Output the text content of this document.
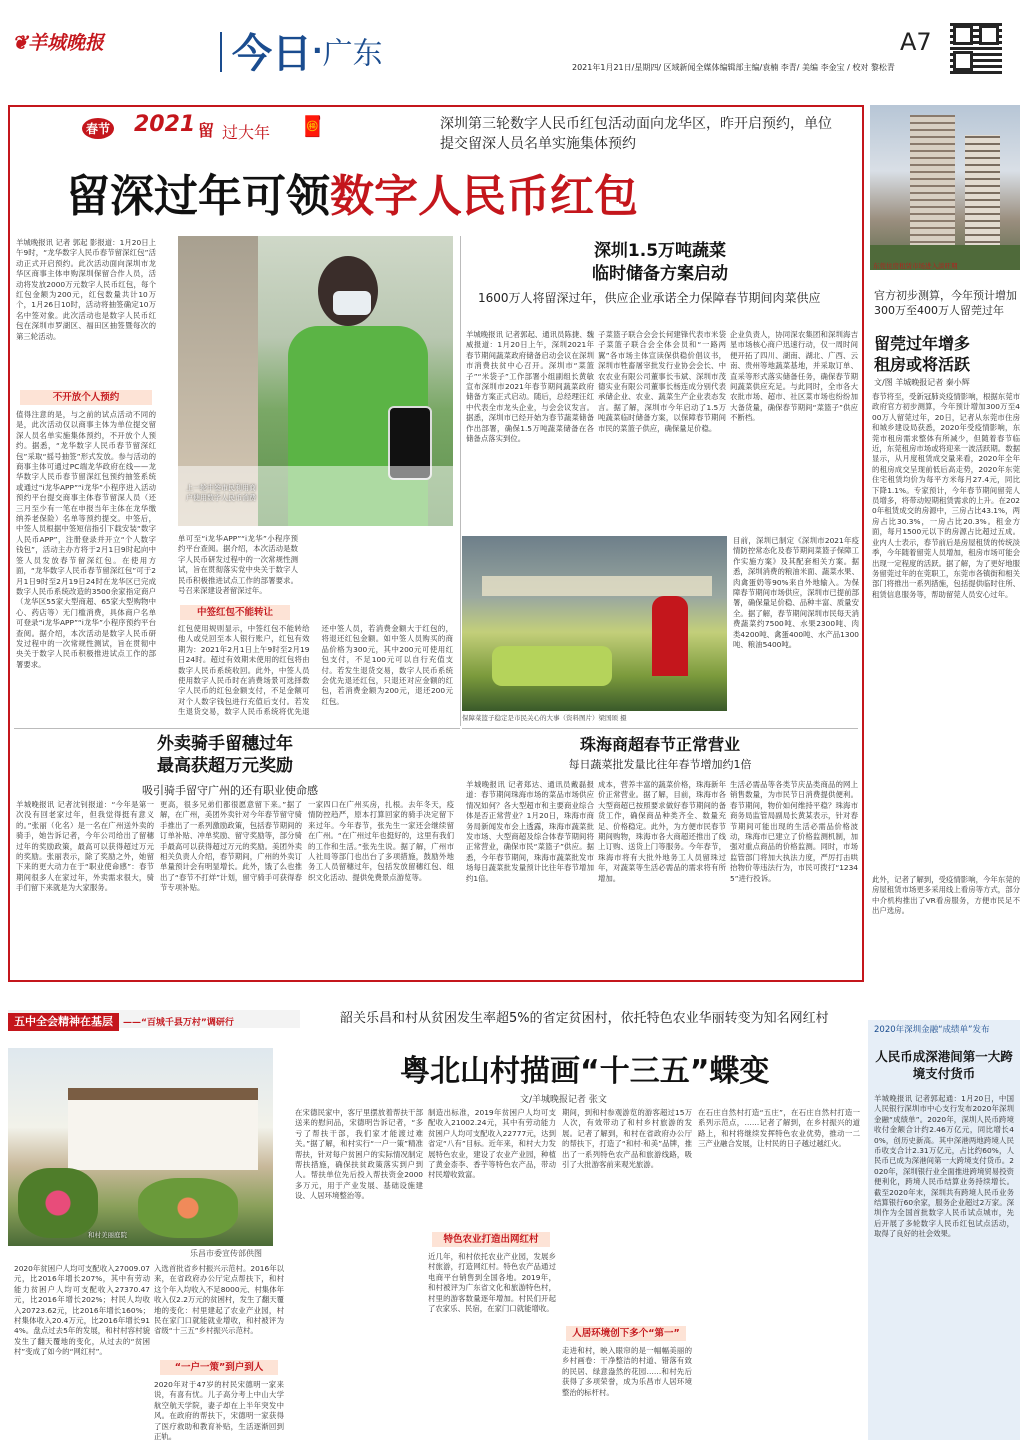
❦羊城晚报	今日·广东	A7
2021年1月21日/星期四/ 区域新闻全媒体编辑部主编/袁楠 李青/ 美编 李金宝 / 校对 黎松青
春节 2021 留 过大年 🧧	深圳第三轮数字人民币红包活动面向龙华区，昨开启预约，单位提交留深人员名单实施集体预约
留深过年可领数字人民币红包
羊城晚报讯 记者 郭起 影报道：1月20日上午9时，“龙华数字人民币春节留深红包”活动正式开启预约。此次活动面向深圳市龙华区商事主体申购深圳保留合作人员，活动将发放2000万元数字人民币红包，每个红包金额为200元，红包数量共计10万个，1月26日10时，活动将抽签确定10万名中签对象。此次活动也是数字人民币红包在深圳市罗湖区、福田区抽签暨每次的第三轮活动。
不开放个人预约
值得注意的是，与之前的试点活动不同的是，此次活动仅以商事主体为单位提交留深人员名单实施集体预约，不开放个人预约。据悉，“龙华数字人民币春节留深红包”采取“摇号抽签”形式发放。参与活动的商事主体可通过PC端龙华政府在线——龙华数字人民币春节留深红包预约抽签系统或通过“i龙华APP”“i龙华”小程序进入活动预约平台提交商事主体春节留深人员（还三月至少有一笔在申报当年主体在龙华缴纳养老保险）名单等预约提交。中签后，中签人员根据中签短信指引下载安装“数字人民币APP”，注册登录并开立“个人数字钱包”，活动主办方将于2月1日9时起向中签人员发放春节留深红包。在使用方面，“龙华数字人民币春节留深红包”可于2月1日9时至2月19日24时在龙华区已完成数字人民币系统改造的3500余家指定商户（龙华区55家大型商超、65家大型购物中心、药店等）无门槛消费，具体商户名单可登录“i龙华APP”“i龙华”小程序预约平台查阅。据介绍，本次活动是数字人民币研发过程中的一次常规性测试，旨在贯彻中央关于数字人民币积极推进试点工作的部署要求。
上一轮中签市民利用商户使用数字人民币消费
单可至“i龙华APP”“i龙华”小程序预约平台查阅。据介绍，本次活动是数字人民币研发过程中的一次常规性测试，旨在贯彻落实党中央关于数字人民币积极推进试点工作的部署要求。号召来深建设者留深过年。
中签红包不能转让
红包使用规则显示，中签红包不能转给他人或兑回至本人银行账户，红包有效期为：2021年2月1日上午9时至2月19日24时。超过有效期未使用的红包将由数字人民币系统收回。此外，中签人员使用数字人民币时在消费场景可选择数字人民币的红包金额支付，不足金额可对个人数字钱包进行充值后支付。若发生退货交易，数字人民币系统将优先退还中签人员，若消费金额大于红包的，将退还红包金额。如中签人员购买的商品价格为300元，其中200元可使用红包支付，不足100元可以自行充值支付。若发生退货交易，数字人民币系统会优先退还红包，只退还对应金额的红包，若消费金额为200元，退还200元红包。
深圳1.5万吨蔬菜
临时储备方案启动
1600万人将留深过年，供应企业承诺全力保障春节期间肉菜供应
羊城晚报讯 记者郭起、通讯员陈捷、魏威报道：1月20日上午，深圳2021年春节期间蔬菜政府储备启动会议在深圳市消费扶贫中心召开。深圳市“菜篮子”“米袋子”工作部署小组副组长黄敏宣布深圳市2021年春节期间蔬菜政府储备方案正式启动。随后，总经理汪红中代表全市龙头企业，与会会议发言。据悉，深圳市已经开始为春节蔬菜储备作出部署，确保1.5万吨蔬菜储备在各储备点落实到位。
子菜篮子联合会会长何建锋代表市米袋子菜篮子联合会全体会员和“一路两翼”各市场主体宣读保供稳价倡议书，深圳市牲畜屠宰批发行业协会会长、中农农业有限公司董事长韦斌、深圳市茂德实业有限公司董事长杨连成分别代表承储企业、农业、蔬菜生产企业表态发言。据了解，深圳市今年启动了1.5万吨蔬菜临时储备方案，以保障春节期间市民的菜篮子供应，确保量足价稳。
企业负责人，协同深农集团和深圳海吉星市场核心商户迅速行动，仅一周时间便开拓了四川、湖南、湖北、广西、云南、贵州等地蔬菜基地，并采取订单、直采等形式落实储备任务，确保春节期间蔬菜供应充足。与此同时，全市各大农批市场、超市、社区菜市场也纷纷加大备货量，确保春节期间“菜篮子”供应不断档。
保障菜篮子稳定是市民关心的大事（资料图片）梁国颂 摄
目前，深圳已制定《深圳市2021年疫情防控常态化及春节期间菜篮子保障工作实施方案》及其配套相关方案。据悉，深圳消费的粮油米面、蔬菜水果、肉禽蛋奶等90%来自外地输入。为保障春节期间市场供应，深圳市已提前部署，确保量足价稳、品种丰富、质量安全。据了解，春节期间深圳市民每天消费蔬菜约7500吨、水果2300吨、肉类4200吨、禽蛋400吨、水产品1300吨、粮油5400吨。
外卖骑手留穗过年
最高获超万元奖励
吸引骑手留守广州的还有职业使命感
羊城晚报讯 记者沈钊报道：“今年是第一次没有回老家过年，但我觉得挺有意义的。”张丽（化名）是一名在广州送外卖的骑手，她告诉记者，今年公司给出了留穗过年的奖励政策，最高可以获得超过万元的奖励。张丽表示，除了奖励之外，她留下来的更大动力在于“职业使命感”：春节期间很多人在家过年，外卖需求很大，骑手们留下来就是为大家服务。
更高，很多兄弟们都很愿意留下来。”据了解，在广州，美团外卖针对今年春节留守骑手推出了一系列激励政策，包括春节期间的订单补贴、冲单奖励、留守奖励等，部分骑手最高可以获得超过万元的奖励。美团外卖相关负责人介绍，春节期间，广州的外卖订单量预计会有明显增长。此外，饿了么也推出了“春节不打烊”计划，留守骑手可获得春节专项补贴。
一家四口在广州买房，扎根。去年冬天，疫情防控趋严，原本打算回家的骑手决定留下来过年。今年春节，张先生一家还会继续留在广州。“在广州过年也挺好的，这里有我们的工作和生活。”张先生说。据了解，广州市人社局等部门也出台了多项措施，鼓励外地务工人员留穗过年，包括发放留穗红包、组织文化活动、提供免费景点游览等。
珠海商超春节正常营业
每日蔬菜批发量比往年春节增加约1倍
羊城晚报讯 记者郑达、通讯员戴磊报道：春节期间珠海市场的菜品市场供应情况如何？各大型超市和主要商业综合体是否正常营业？1月20日，珠海市商务局新闻发布会上透露，珠海市蔬菜批发市场、大型商超及综合体春节期间将正常营业，确保市民“菜篮子”供应。据悉，今年春节期间，珠海市蔬菜批发市场每日蔬菜批发量预计比往年春节增加约1倍。
成本，营养丰富的蔬菜价格，珠海新年价正常营业。据了解，目前，珠海市各大型商超已按照要求做好春节期间的备货工作，确保商品种类齐全、数量充足、价格稳定。此外，为方便市民春节期间购物，珠海市各大商超还推出了线上订购、送货上门等服务。今年春节，珠海市将有大批外地务工人员留珠过年，对蔬菜等生活必需品的需求将有所增加。
生活必需品等各类节庆品类商品的网上销售数量，为市民节日消费提供便利。春节期间，物价如何维持平稳？珠海市商务局监管局副局长黄某表示，针对春节期间可能出现的生活必需品价格波动，珠海市已建立了价格监测机制，加强对重点商品的价格监测。同时，市场监管部门将加大执法力度，严厉打击哄抬物价等违法行为，市民可拨打“12345”进行投诉。
东莞住房租赁市场进入淡旺期
官方初步测算，今年预计增加300万至400万人留莞过年
留莞过年增多
租房或将活跃
文/图 羊城晚报记者 秦小辉
春节将至，受新冠肺炎疫情影响，根据东莞市政府官方初步测算，今年预计增加300万至400万人留莞过年，20日，记者从东莞市住房和城乡建设局获悉，2020年受疫情影响，东莞市租房需求整体有所减少，但随着春节临近，东莞租房市场或将迎来一波活跃期。数据显示，从月度租赁成交量来看，2020年全年的租房成交呈现前低后高走势，2020年东莞住宅租赁均价为每平方米每月27.4元，同比下降1.1%。专家预计，今年春节期间留莞人员增多，将带动短期租赁需求的上升。在2020年租赁成交的房源中，三房占比43.1%，两房占比30.3%，一房占比20.3%。租金方面，每月1500元以下的房源占比超过五成。业内人士表示，春节前后是房屋租赁的传统淡季，今年随着留莞人员增加，租房市场可能会出现一定程度的活跃。据了解，为了更好地服务留莞过年的在莞职工，东莞市各镇街和相关部门将推出一系列措施，包括提供临时住所、租赁信息服务等，帮助留莞人员安心过年。
此外，记者了解到，受疫情影响，今年东莞的房屋租赁市场更多采用线上看房等方式，部分中介机构推出了VR看房服务，方便市民足不出户选房。
五中全会精神在基层 ——“百城千县万村”调研行	韶关乐昌和村从贫困发生率超5%的省定贫困村，依托特色农业华丽转变为知名网红村
粤北山村描画“十三五”蝶变
文/羊城晚报记者 张文
和村美丽庭院
乐昌市委宣传部供图
2020年贫困户人均可支配收入27009.07元，比2016年增长207%，其中有劳动能力贫困户人均可支配收入27370.47元，比2016年增长202%；村民人均收入20723.62元，比2016年增长160%；村集体收入20.4万元，比2016年增长914%。盘点过去5年的发展，和村村容村貌发生了翻天覆地的变化，从过去的“贫困村”变成了如今的“网红村”。
入选首批省乡村振兴示范村。2016年以来，在省政府办公厅定点帮扶下，和村这个年入均收入不足8000元、村集体年收入仅2.2万元的贫困村，发生了翻天覆地的变化：村里建起了农业产业园，村民在家门口就能就业增收，和村被评为省级“十三五”乡村振兴示范村。
“一户一策”到户到人
2020年对于47岁的村民宋德明一家来说，有喜有忧。儿子高分考上中山大学航空航天学院，妻子却在上半年突发中风。在政府的帮扶下，宋德明一家获得了医疗救助和教育补贴，生活逐渐回到正轨。
在宋德民家中，客厅里摆放着帮扶干部送来的慰问品，宋德明告诉记者，“多亏了帮扶干部，我们家才能渡过难关。”据了解，和村实行“一户一策”精准帮扶，针对每户贫困户的实际情况制定帮扶措施，确保扶贫政策落实到户到人。帮扶单位先后投入帮扶资金2000多万元，用于产业发展、基础设施建设、人居环境整治等。
制造出标准，2019年贫困户人均可支配收入21002.24元，其中有劳动能力贫困户人均可支配收入22777元，达到省定“八有”目标。近年来，和村大力发展特色农业，建设了农业产业园，种植了黄金柰李、香芋等特色农产品，带动村民增收致富。
特色农业打造出网红村
近几年，和村依托农业产业园，发展乡村旅游，打造网红村。特色农产品通过电商平台销售到全国各地。2019年，和村被评为广东省文化和旅游特色村，村里的游客数量逐年增加。村民们开起了农家乐、民宿，在家门口就能增收。
期间，到和村参观游览的游客超过15万人次，有效带动了和村乡村旅游的发展。记者了解到，和村在省政府办公厅的帮扶下，打造了“和村·和美”品牌，推出了一系列特色农产品和旅游线路，吸引了大批游客前来观光旅游。
人居环境创下多个“第一”
走进和村，映入眼帘的是一幅幅美丽的乡村画卷：干净整洁的村道、错落有致的民居、绿意盎然的花园……和村先后获得了多项荣誉，成为乐昌市人居环境整治的标杆村。
在石庄自然村打造“五庄”，在石庄自然村打造一系列示范点，……记者了解到，在乡村振兴的道路上，和村将继续发挥特色农业优势，推动一二三产业融合发展，让村民的日子越过越红火。
2020年深圳金融“成绩单”发布
人民币成深港间第一大跨境支付货币
羊城晚报讯 记者郭起通：1月20日，中国人民银行深圳市中心支行发布2020年深圳金融“成绩单”。2020年，深圳人民币跨境收付金额合计约2.46万亿元，同比增长40%，创历史新高。其中深港两地跨境人民币收支合计2.31万亿元，占比约60%，人民币已成为深港间第一大跨境支付货币。2020年，深圳银行业全面推进跨境贸易投资便利化，跨境人民币结算业务持续增长。截至2020年末，深圳共有跨境人民币业务结算银行60余家，服务企业超过2万家。深圳作为全国首批数字人民币试点城市，先后开展了多轮数字人民币红包试点活动，取得了良好的社会效果。
